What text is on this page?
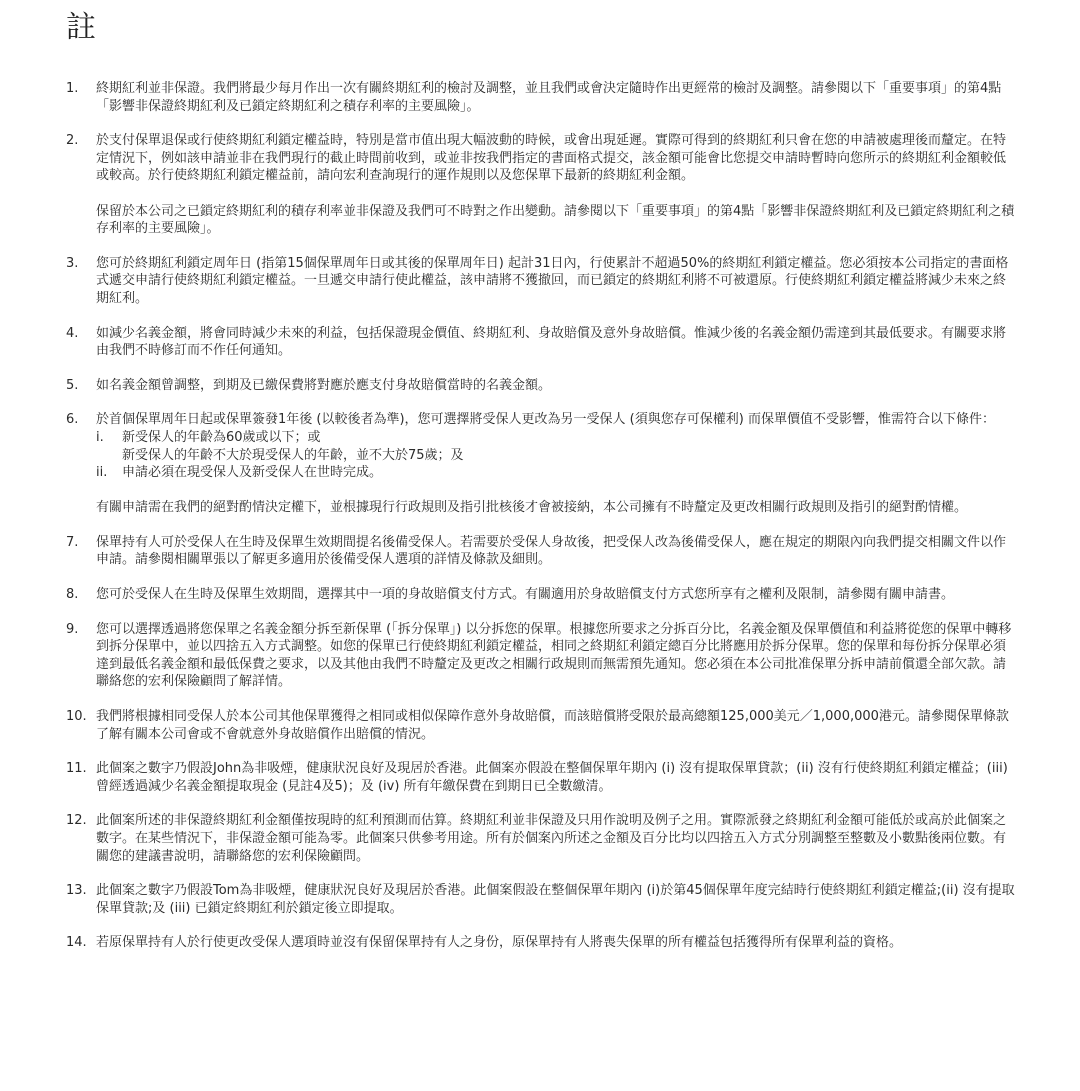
註
1.	終期紅利並非保證。我們將最少每月作出一次有關終期紅利的檢討及調整，並且我們或會決定隨時作出更經常的檢討及調整。請參閱以下「重要事項」的第4點「影響非保證終期紅利及已鎖定終期紅利之積存利率的主要風險」。

2.	於支付保單退保或行使終期紅利鎖定權益時，特別是當市值出現大幅波動的時候，或會出現延遲。實際可得到的終期紅利只會在您的申請被處理後而釐定。在特定情況下，例如該申請並非在我們現行的截止時間前收到，或並非按我們指定的書面格式提交，該金額可能會比您提交申請時暫時向您所示的終期紅利金額較低或較高。於行使終期紅利鎖定權益前，請向宏利查詢現行的運作規則以及您保單下最新的終期紅利金額。

保留於本公司之已鎖定終期紅利的積存利率並非保證及我們可不時對之作出變動。請參閱以下「重要事項」的第4點「影響非保證終期紅利及已鎖定終期紅利之積存利率的主要風險」。

3.	您可於終期紅利鎖定周年日 (指第15個保單周年日或其後的保單周年日) 起計31日內，行使累計不超過50%的終期紅利鎖定權益。您必須按本公司指定的書面格式遞交申請行使終期紅利鎖定權益。一旦遞交申請行使此權益，該申請將不獲撤回，而已鎖定的終期紅利將不可被還原。行使終期紅利鎖定權益將減少未來之終期紅利。

4.	如減少名義金額，將會同時減少未來的利益，包括保證現金價值、終期紅利、身故賠償及意外身故賠償。惟減少後的名義金額仍需達到其最低要求。有關要求將由我們不時修訂而不作任何通知。

5.	如名義金額曾調整，到期及已繳保費將對應於應支付身故賠償當時的名義金額。

6.	於首個保單周年日起或保單簽發1年後 (以較後者為準)，您可選擇將受保人更改為另一受保人 (須與您存可保權利) 而保單價值不受影響，惟需符合以下條件：

i.	新受保人的年齡為60歲或以下；或
新受保人的年齡不大於現受保人的年齡，並不大於75歲；及
ii.	申請必須在現受保人及新受保人在世時完成。

有關申請需在我們的絕對酌情決定權下，並根據現行行政規則及指引批核後才會被接納，本公司擁有不時釐定及更改相關行政規則及指引的絕對酌情權。

7.	保單持有人可於受保人在生時及保單生效期間提名後備受保人。若需要於受保人身故後，把受保人改為後備受保人，應在規定的期限內向我們提交相關文件以作申請。請參閱相關單張以了解更多適用於後備受保人選項的詳情及條款及細則。

8.	您可於受保人在生時及保單生效期間，選擇其中一項的身故賠償支付方式。有關適用於身故賠償支付方式您所享有之權利及限制，請參閱有關申請書。

9.	您可以選擇透過將您保單之名義金額分拆至新保單 (「拆分保單」) 以分拆您的保單。根據您所要求之分拆百分比，名義金額及保單價值和利益將從您的保單中轉移到拆分保單中，並以四捨五入方式調整。如您的保單已行使終期紅利鎖定權益，相同之終期紅利鎖定總百分比將應用於拆分保單。您的保單和每份拆分保單必須達到最低名義金額和最低保費之要求，以及其他由我們不時釐定及更改之相關行政規則而無需預先通知。您必須在本公司批准保單分拆申請前償還全部欠款。請聯絡您的宏利保險顧問了解詳情。

10. 我們將根據相同受保人於本公司其他保單獲得之相同或相似保障作意外身故賠償，而該賠償將受限於最高總額125,000美元／1,000,000港元。請參閱保單條款了解有關本公司會或不會就意外身故賠償作出賠償的情況。

11. 此個案之數字乃假設John為非吸煙，健康狀況良好及現居於香港。此個案亦假設在整個保單年期內 (i) 沒有提取保單貸款；(ii) 沒有行使終期紅利鎖定權益；(iii) 曾經透過減少名義金額提取現金 (見註4及5)；及 (iv) 所有年繳保費在到期日已全數繳清。

12. 此個案所述的非保證終期紅利金額僅按現時的紅利預測而估算。終期紅利並非保證及只用作說明及例子之用。實際派發之終期紅利金額可能低於或高於此個案之數字。在某些情況下，非保證金額可能為零。此個案只供參考用途。所有於個案內所述之金額及百分比均以四捨五入方式分別調整至整數及小數點後兩位數。有關您的建議書說明，請聯絡您的宏利保險顧問。

13. 此個案之數字乃假設Tom為非吸煙，健康狀況良好及現居於香港。此個案假設在整個保單年期內 (i)於第45個保單年度完結時行使終期紅利鎖定權益;(ii) 沒有提取保單貸款;及 (iii) 已鎖定終期紅利於鎖定後立即提取。

14. 若原保單持有人於行使更改受保人選項時並沒有保留保單持有人之身份，原保單持有人將喪失保單的所有權益包括獲得所有保單利益的資格。
